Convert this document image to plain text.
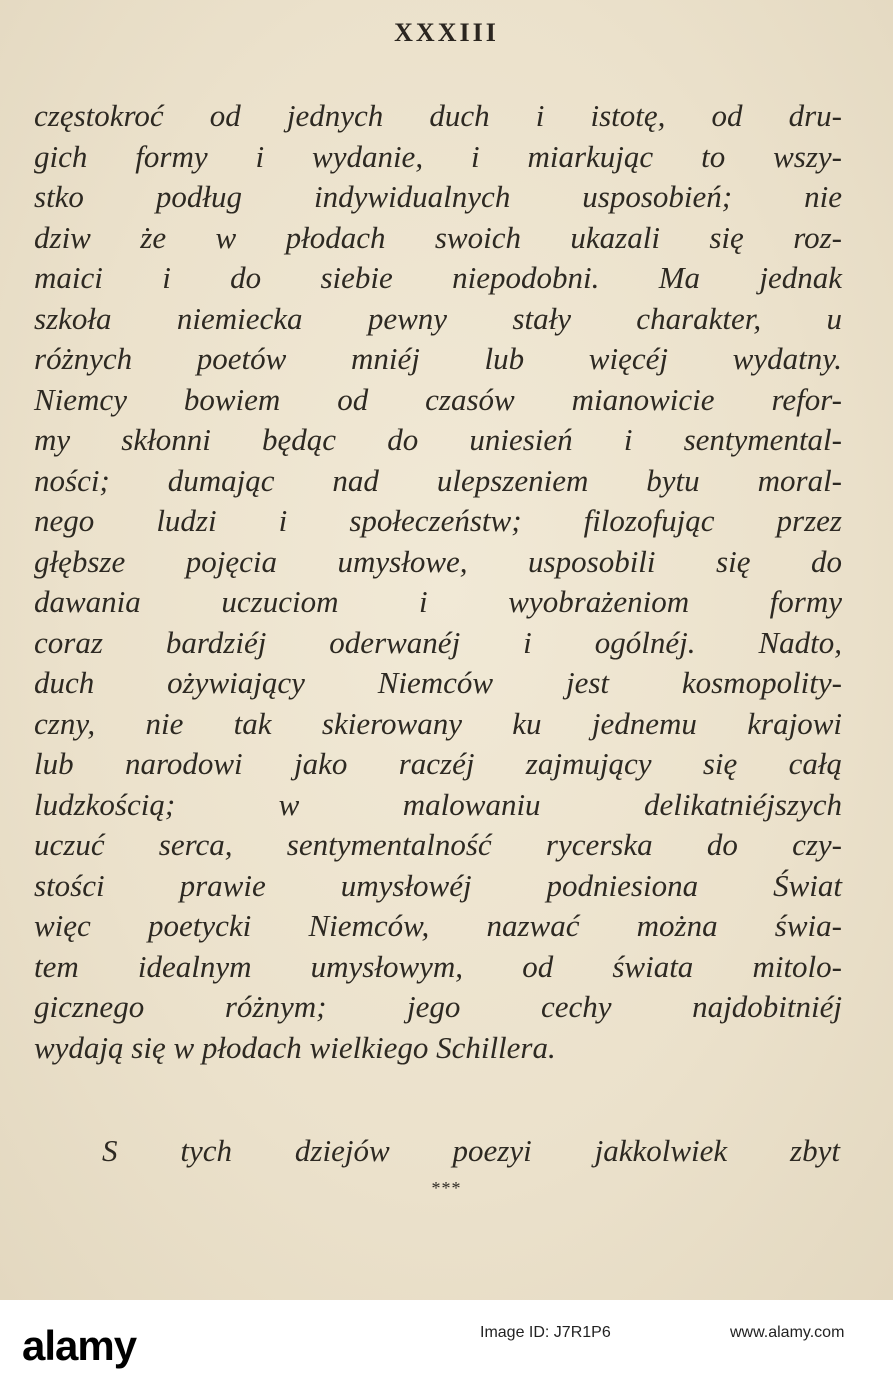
XXXIII
częstokroć od jednych duch i istotę, od dru-
gich formy i wydanie, i miarkując to wszy-
stko podług indywidualnych usposobień; nie
dziw że w płodach swoich ukazali się roz-
maici i do siebie niepodobni. Ma jednak
szkoła niemiecka pewny stały charakter, u
różnych poetów mniéj lub więcéj wydatny.
Niemcy bowiem od czasów mianowicie refor-
my skłonni będąc do uniesień i sentymental-
ności; dumając nad ulepszeniem bytu moral-
nego ludzi i społeczeństw; filozofując przez
głębsze pojęcia umysłowe, usposobili się do
dawania uczuciom i wyobrażeniom formy
coraz bardziéj oderwanéj i ogólnéj. Nadto,
duch ożywiający Niemców jest kosmopolity-
czny, nie tak skierowany ku jednemu krajowi
lub narodowi jako raczéj zajmujący się całą
ludzkością; w malowaniu delikatniéjszych
uczuć serca, sentymentalność rycerska do czy-
stości prawie umysłowéj podniesiona Świat
więc poetycki Niemców, nazwać można świa-
tem idealnym umysłowym, od świata mitolo-
gicznego różnym; jego cechy najdobitniéj
wydają się w płodach wielkiego Schillera.
S tych dziejów poezyi jakkolwiek zbyt
***
alamy	Image ID: J7R1P6	www.alamy.com
